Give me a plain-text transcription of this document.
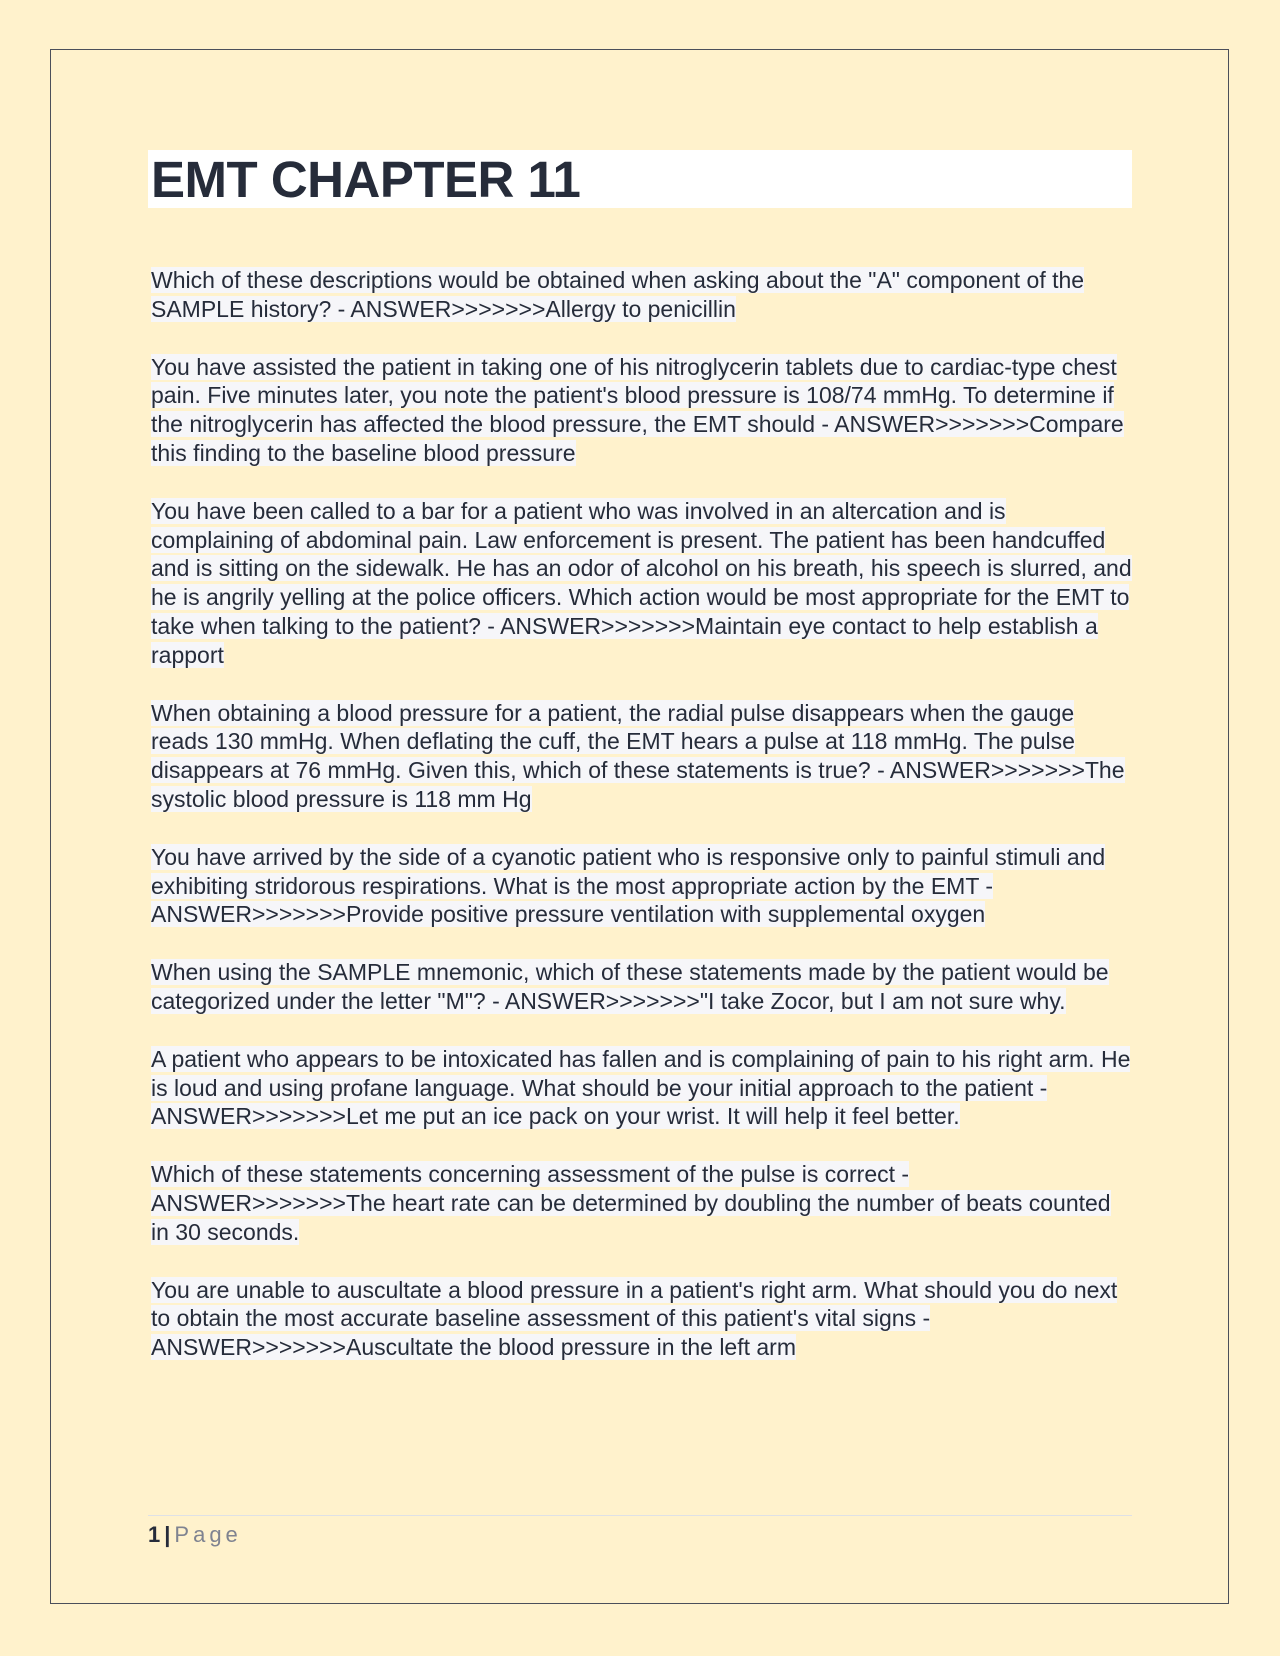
EMT CHAPTER 11

Which of these descriptions would be obtained when asking about the "A" component of the SAMPLE history? - ANSWER>>>>>>>Allergy to penicillin

You have assisted the patient in taking one of his nitroglycerin tablets due to cardiac-type chest pain. Five minutes later, you note the patient's blood pressure is 108/74 mmHg. To determine if the nitroglycerin has affected the blood pressure, the EMT should - ANSWER>>>>>>>Compare this finding to the baseline blood pressure

You have been called to a bar for a patient who was involved in an altercation and is complaining of abdominal pain. Law enforcement is present. The patient has been handcuffed and is sitting on the sidewalk. He has an odor of alcohol on his breath, his speech is slurred, and he is angrily yelling at the police officers. Which action would be most appropriate for the EMT to take when talking to the patient? - ANSWER>>>>>>>Maintain eye contact to help establish a rapport

When obtaining a blood pressure for a patient, the radial pulse disappears when the gauge reads 130 mmHg. When deflating the cuff, the EMT hears a pulse at 118 mmHg. The pulse disappears at 76 mmHg. Given this, which of these statements is true? - ANSWER>>>>>>>The systolic blood pressure is 118 mm Hg

You have arrived by the side of a cyanotic patient who is responsive only to painful stimuli and exhibiting stridorous respirations. What is the most appropriate action by the EMT - ANSWER>>>>>>>Provide positive pressure ventilation with supplemental oxygen

When using the SAMPLE mnemonic, which of these statements made by the patient would be categorized under the letter "M"? - ANSWER>>>>>>>"I take Zocor, but I am not sure why.

A patient who appears to be intoxicated has fallen and is complaining of pain to his right arm. He is loud and using profane language. What should be your initial approach to the patient - ANSWER>>>>>>>Let me put an ice pack on your wrist. It will help it feel better.

Which of these statements concerning assessment of the pulse is correct - ANSWER>>>>>>>The heart rate can be determined by doubling the number of beats counted in 30 seconds.

You are unable to auscultate a blood pressure in a patient's right arm. What should you do next to obtain the most accurate baseline assessment of this patient's vital signs - ANSWER>>>>>>>Auscultate the blood pressure in the left arm

1 | Page
